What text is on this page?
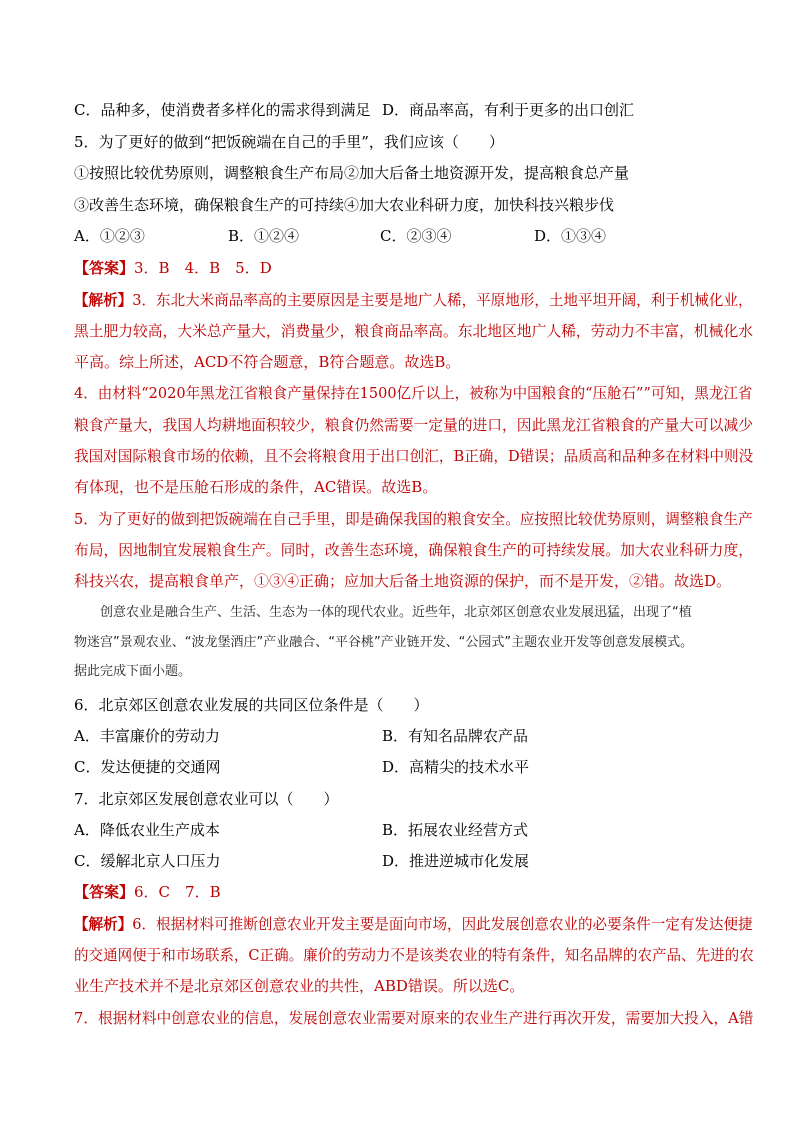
C．品种多，使消费者多样化的需求得到满足 D．商品率高，有利于更多的出口创汇
5．为了更好的做到“把饭碗端在自己的手里”，我们应该（　　）
①按照比较优势原则，调整粮食生产布局②加大后备土地资源开发，提高粮食总产量
③改善生态环境，确保粮食生产的可持续④加大农业科研力度，加快科技兴粮步伐
A．①②③	B．①②④	C．②③④	D．①③④
【答案】3．B　4．B　5．D
【解析】3．东北大米商品率高的主要原因是主要是地广人稀，平原地形，土地平坦开阔，利于机械化业，
黑土肥力较高，大米总产量大，消费量少，粮食商品率高。东北地区地广人稀，劳动力不丰富，机械化水
平高。综上所述，ACD不符合题意，B符合题意。故选B。
4．由材料“2020年黑龙江省粮食产量保持在1500亿斤以上，被称为中国粮食的“压舱石””可知，黑龙江省
粮食产量大，我国人均耕地面积较少，粮食仍然需要一定量的进口，因此黑龙江省粮食的产量大可以减少
我国对国际粮食市场的依赖，且不会将粮食用于出口创汇，B正确，D错误；品质高和品种多在材料中则没
有体现，也不是压舱石形成的条件，AC错误。故选B。
5．为了更好的做到把饭碗端在自己手里，即是确保我国的粮食安全。应按照比较优势原则，调整粮食生产
布局，因地制宜发展粮食生产。同时，改善生态环境，确保粮食生产的可持续发展。加大农业科研力度，
科技兴农，提高粮食单产，①③④正确；应加大后备土地资源的保护，而不是开发，②错。故选D。
创意农业是融合生产、生活、生态为一体的现代农业。近些年，北京郊区创意农业发展迅猛，出现了“植
物迷宫”景观农业、“波龙堡酒庄”产业融合、“平谷桃”产业链开发、“公园式”主题农业开发等创意发展模式。
据此完成下面小题。
6．北京郊区创意农业发展的共同区位条件是（　　）
A．丰富廉价的劳动力	B．有知名品牌农产品
C．发达便捷的交通网	D．高精尖的技术水平
7．北京郊区发展创意农业可以（　　）
A．降低农业生产成本	B．拓展农业经营方式
C．缓解北京人口压力	D．推进逆城市化发展
【答案】6．C　7．B
【解析】6．根据材料可推断创意农业开发主要是面向市场，因此发展创意农业的必要条件一定有发达便捷
的交通网便于和市场联系，C正确。廉价的劳动力不是该类农业的特有条件，知名品牌的农产品、先进的农
业生产技术并不是北京郊区创意农业的共性，ABD错误。所以选C。
7．根据材料中创意农业的信息，发展创意农业需要对原来的农业生产进行再次开发，需要加大投入，A错
